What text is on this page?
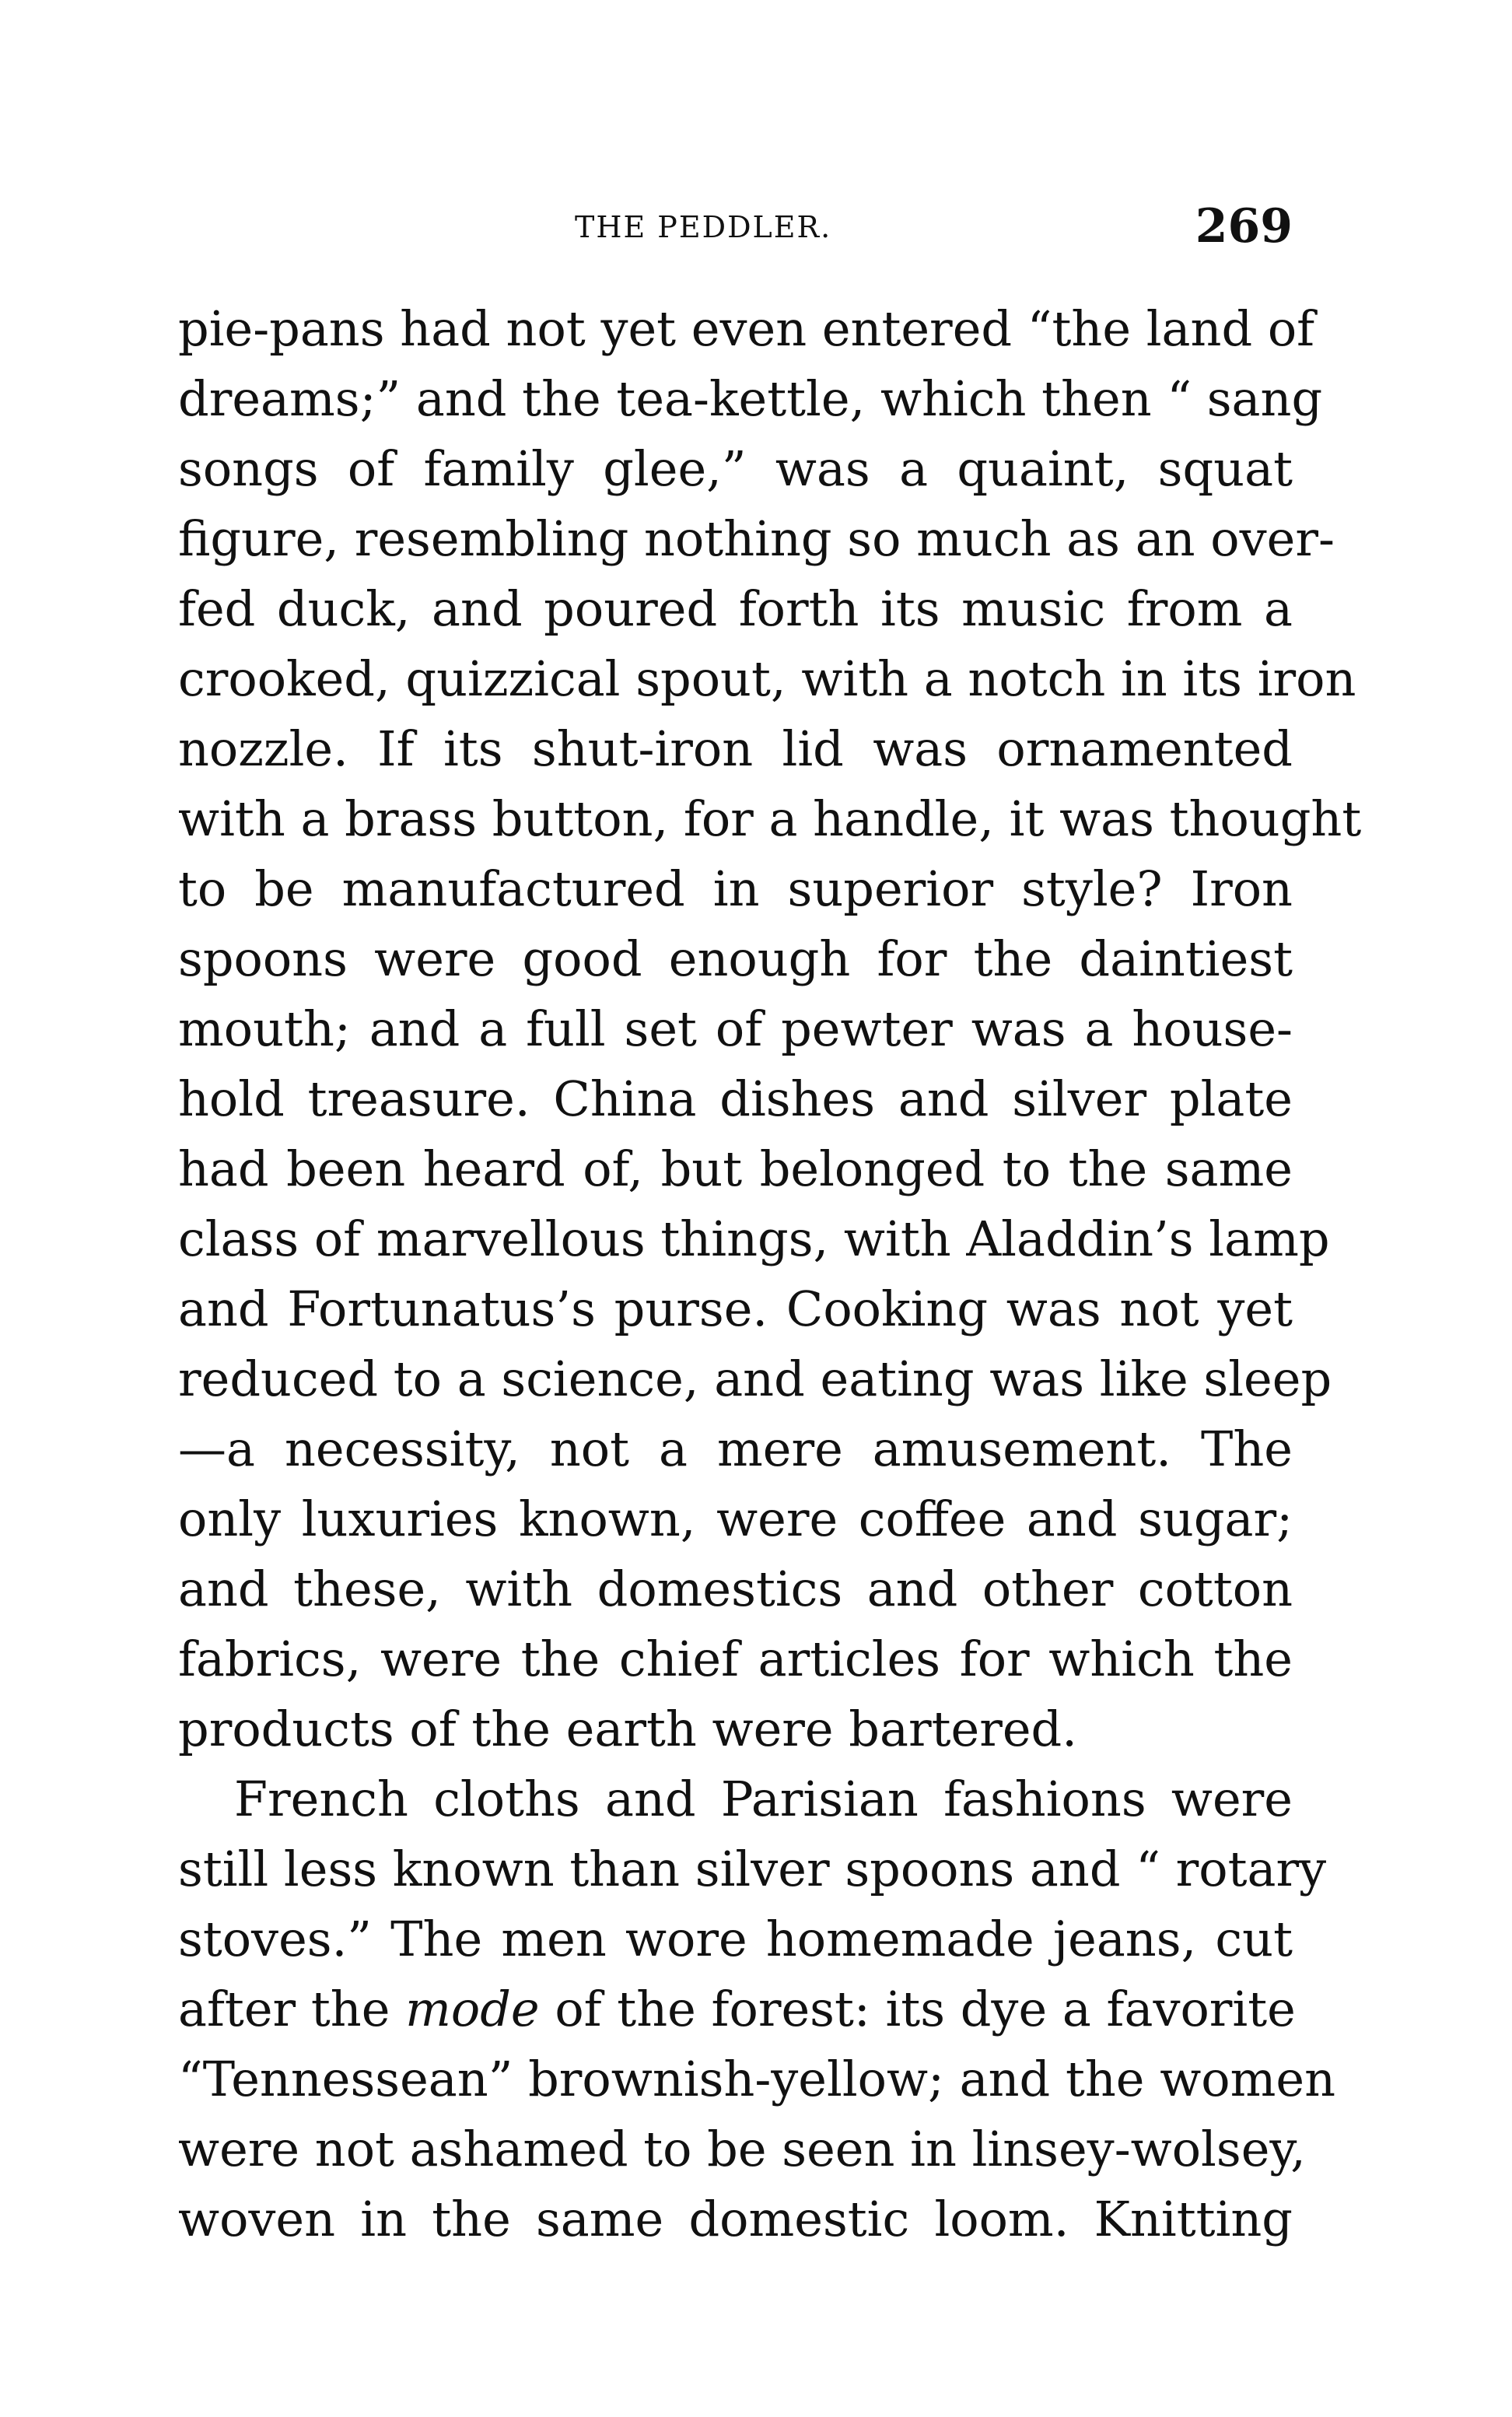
THE PEDDLER.	269
pie-pans had not yet even entered “the land of
dreams;” and the tea-kettle, which then “ sang
songs of family glee,” was a quaint, squat
figure, resembling nothing so much as an over-
fed duck, and poured forth its music from a
crooked, quizzical spout, with a notch in its iron
nozzle. If its shut-iron lid was ornamented
with a brass button, for a handle, it was thought
to be manufactured in superior style? Iron
spoons were good enough for the daintiest
mouth; and a full set of pewter was a house-
hold treasure. China dishes and silver plate
had been heard of, but belonged to the same
class of marvellous things, with Aladdin’s lamp
and Fortunatus’s purse. Cooking was not yet
reduced to a science, and eating was like sleep
—a necessity, not a mere amusement. The
only luxuries known, were coffee and sugar;
and these, with domestics and other cotton
fabrics, were the chief articles for which the
products of the earth were bartered.
French cloths and Parisian fashions were
still less known than silver spoons and “ rotary
stoves.” The men wore homemade jeans, cut
after the mode of the forest: its dye a favorite
“Tennessean” brownish-yellow; and the women
were not ashamed to be seen in linsey-wolsey,
woven in the same domestic loom. Knitting
